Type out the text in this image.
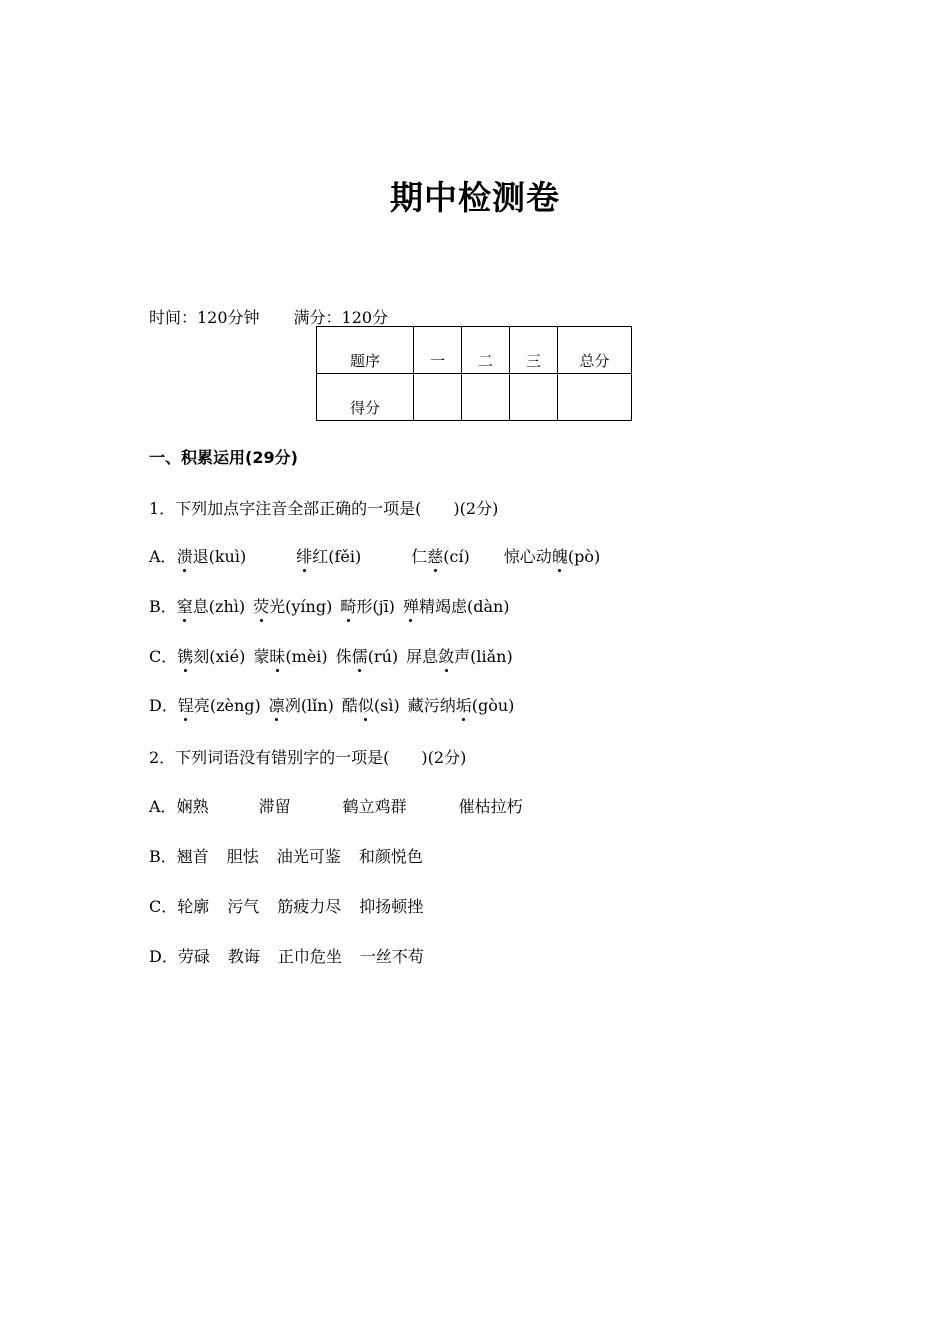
期中检测卷
时间：120分钟 满分：120分
题序	一	二	三	总分
得分				
一、积累运用(29分)
1．下列加点字注音全部正确的一项是(　　)(2分)
A．溃退(kuì)	绯红(fěi)	仁慈(cí) 惊心动魄(pò)
B．窒息(zhì) 荧光(yíng) 畸形(jī) 殚精竭虑(dàn)
C．镌刻(xié) 蒙昧(mèi) 侏儒(rú) 屏息敛声(liǎn)
D．锃亮(zèng) 凛冽(lǐn) 酷似(sì) 藏污纳垢(gòu)
2．下列词语没有错别字的一项是(　　)(2分)
A．娴熟	滞留	鹤立鸡群	催枯拉朽
B．翘首 胆怯 油光可鉴 和颜悦色
C．轮廓 污气 筋疲力尽 抑扬顿挫
D．劳碌 教诲 正巾危坐 一丝不苟
